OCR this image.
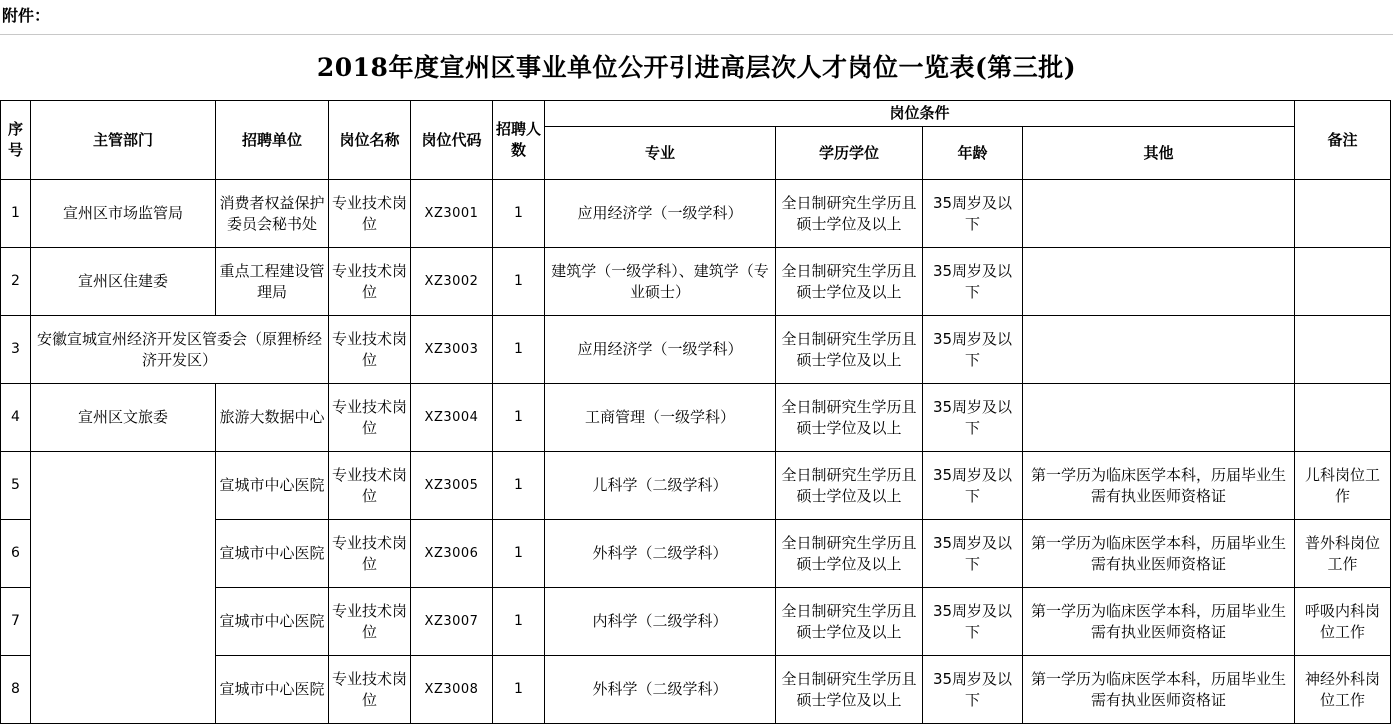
附件：
2018年度宣州区事业单位公开引进高层次人才岗位一览表(第三批)
序号	主管部门	招聘单位	岗位名称	岗位代码	招聘人数	岗位条件				备注
						专业	学历学位	年龄	其他	
1	宣州区市场监管局	消费者权益保护委员会秘书处	专业技术岗位	XZ3001	1	应用经济学（一级学科）	全日制研究生学历且硕士学位及以上	35周岁及以下		
2	宣州区住建委	重点工程建设管理局	专业技术岗位	XZ3002	1	建筑学（一级学科）、建筑学（专业硕士）	全日制研究生学历且硕士学位及以上	35周岁及以下		
3	安徽宣城宣州经济开发区管委会（原狸桥经济开发区）		专业技术岗位	XZ3003	1	应用经济学（一级学科）	全日制研究生学历且硕士学位及以上	35周岁及以下		
4	宣州区文旅委	旅游大数据中心	专业技术岗位	XZ3004	1	工商管理（一级学科）	全日制研究生学历且硕士学位及以上	35周岁及以下		
5		宣城市中心医院	专业技术岗位	XZ3005	1	儿科学（二级学科）	全日制研究生学历且硕士学位及以上	35周岁及以下	第一学历为临床医学本科，历届毕业生需有执业医师资格证	儿科岗位工作
6		宣城市中心医院	专业技术岗位	XZ3006	1	外科学（二级学科）	全日制研究生学历且硕士学位及以上	35周岁及以下	第一学历为临床医学本科，历届毕业生需有执业医师资格证	普外科岗位工作
7		宣城市中心医院	专业技术岗位	XZ3007	1	内科学（二级学科）	全日制研究生学历且硕士学位及以上	35周岁及以下	第一学历为临床医学本科，历届毕业生需有执业医师资格证	呼吸内科岗位工作
8		宣城市中心医院	专业技术岗位	XZ3008	1	外科学（二级学科）	全日制研究生学历且硕士学位及以上	35周岁及以下	第一学历为临床医学本科，历届毕业生需有执业医师资格证	神经外科岗位工作
